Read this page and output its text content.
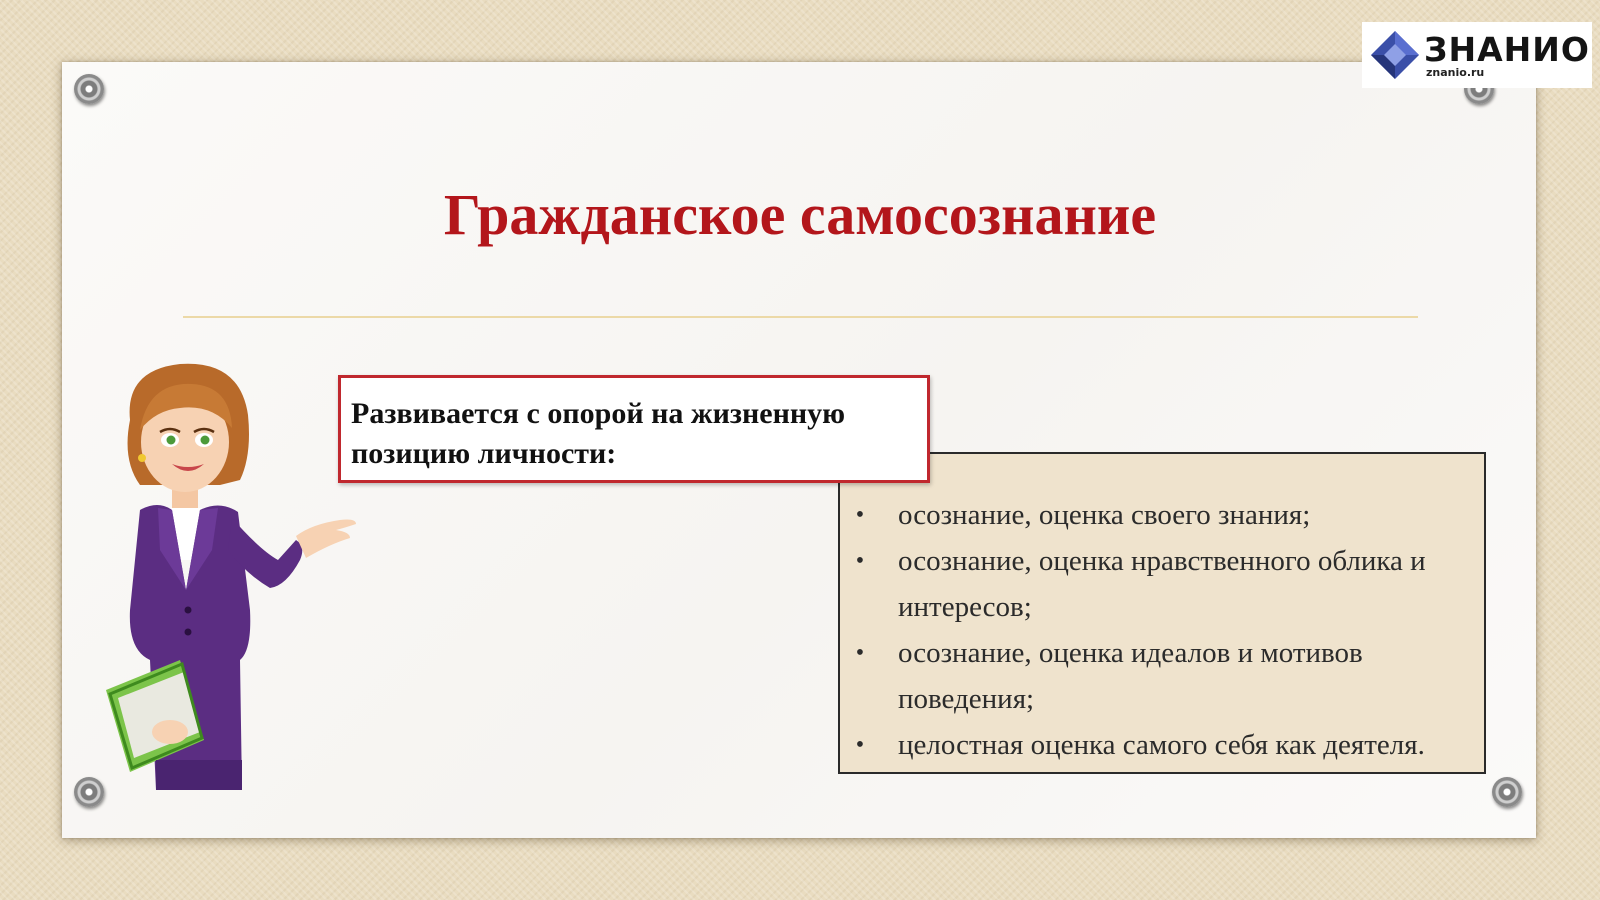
ЗНАНИО
znanio.ru
Гражданское самосознание
• осознание, оценка своего знания;
• осознание, оценка нравственного облика и интересов;
• осознание, оценка идеалов и мотивов поведения;
• целостная оценка самого себя как деятеля.

Развивается с опорой на жизненную позицию личности:
